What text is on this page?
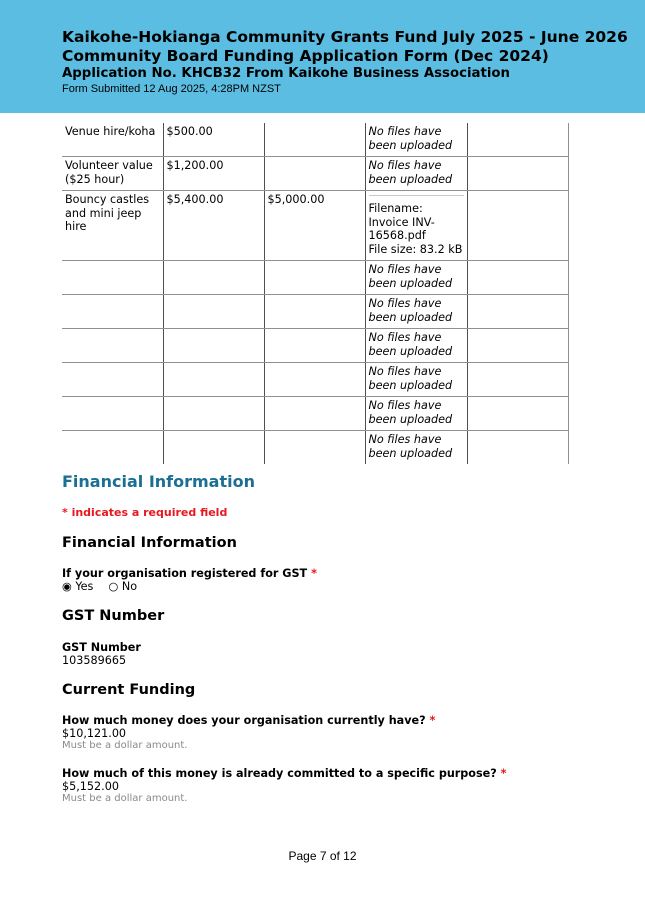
Kaikohe-Hokianga Community Grants Fund July 2025 - June 2026 Community Board Funding Application Form (Dec 2024)
Application No. KHCB32 From Kaikohe Business Association
Form Submitted 12 Aug 2025, 4:28PM NZST
Venue hire/koha	$500.00		No files have been uploaded	
Volunteer value ($25 hour)	$1,200.00		No files have been uploaded	
Bouncy castles and mini jeep hire	$5,400.00	$5,000.00	Filename: Invoice INV-16568.pdf
File size: 83.2 kB	

			No files have been uploaded	
			No files have been uploaded	
			No files have been uploaded	
			No files have been uploaded	
			No files have been uploaded	
			No files have been uploaded	
Financial Information
* indicates a required field
Financial Information
If your organisation registered for GST *
◉ Yes  ○ No
GST Number
GST Number
103589665
Current Funding
How much money does your organisation currently have? *
$10,121.00
Must be a dollar amount.
How much of this money is already committed to a specific purpose? *
$5,152.00
Must be a dollar amount.
Page 7 of 12
